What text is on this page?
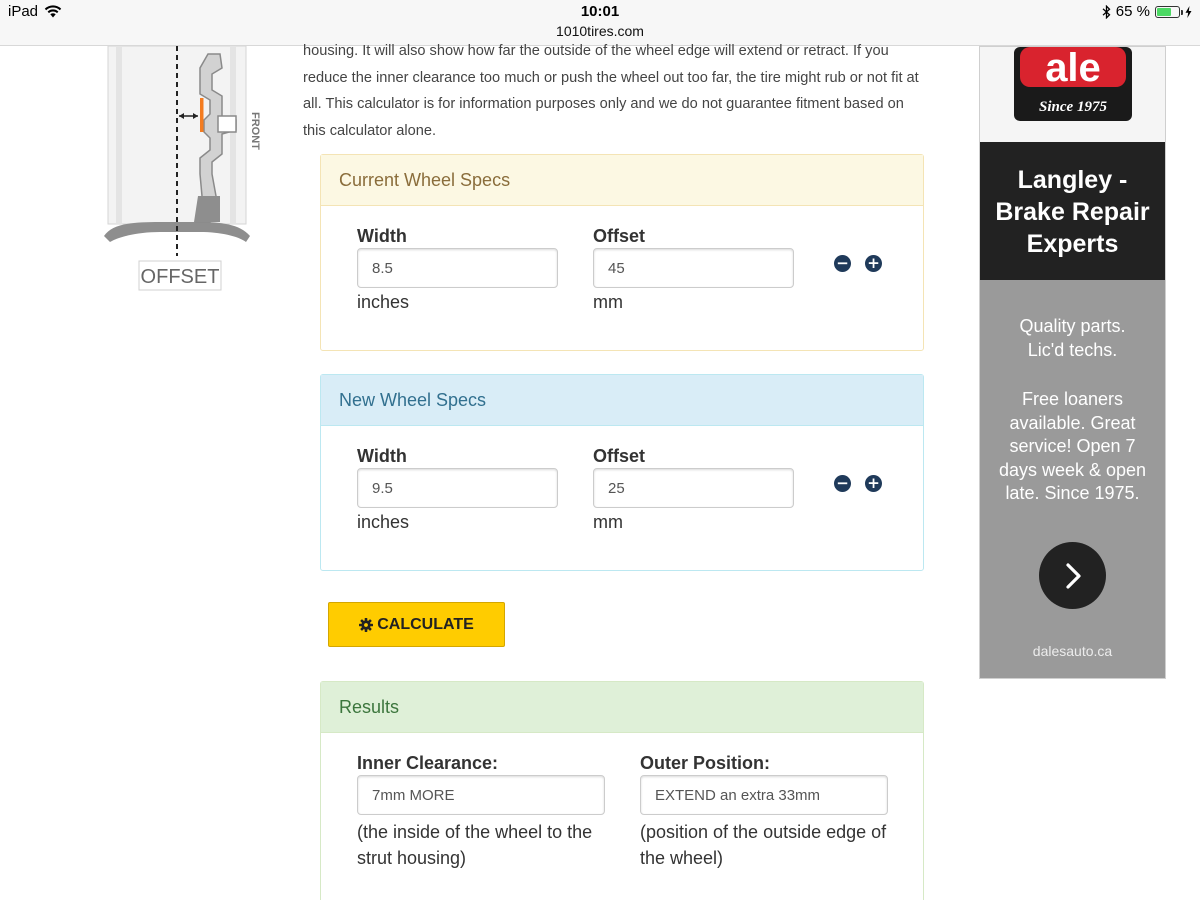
iPad	10:01
1010tires.com
65 %
FRONT
OFFSET

housing. It will also show how far the outside of the wheel edge will extend or retract. If you reduce the inner clearance too much or push the wheel out too far, the tire might rub or not fit at all. This calculator is for information purposes only and we do not guarantee fitment based on this calculator alone.

Current Wheel Specs
Width
8.5
inches
Offset
45
mm
− +
New Wheel Specs
Width
9.5
inches
Offset
25
mm
− +
CALCULATE
Results
Inner Clearance:
7mm MORE
(the inside of the wheel to the strut housing)
Outer Position:
EXTEND an extra 33mm
(position of the outside edge of the wheel)
ale
Since 1975
Langley - Brake Repair Experts
Quality parts. Lic'd techs.
Free loaners available. Great service! Open 7 days week & open late. Since 1975.
dalesauto.ca
